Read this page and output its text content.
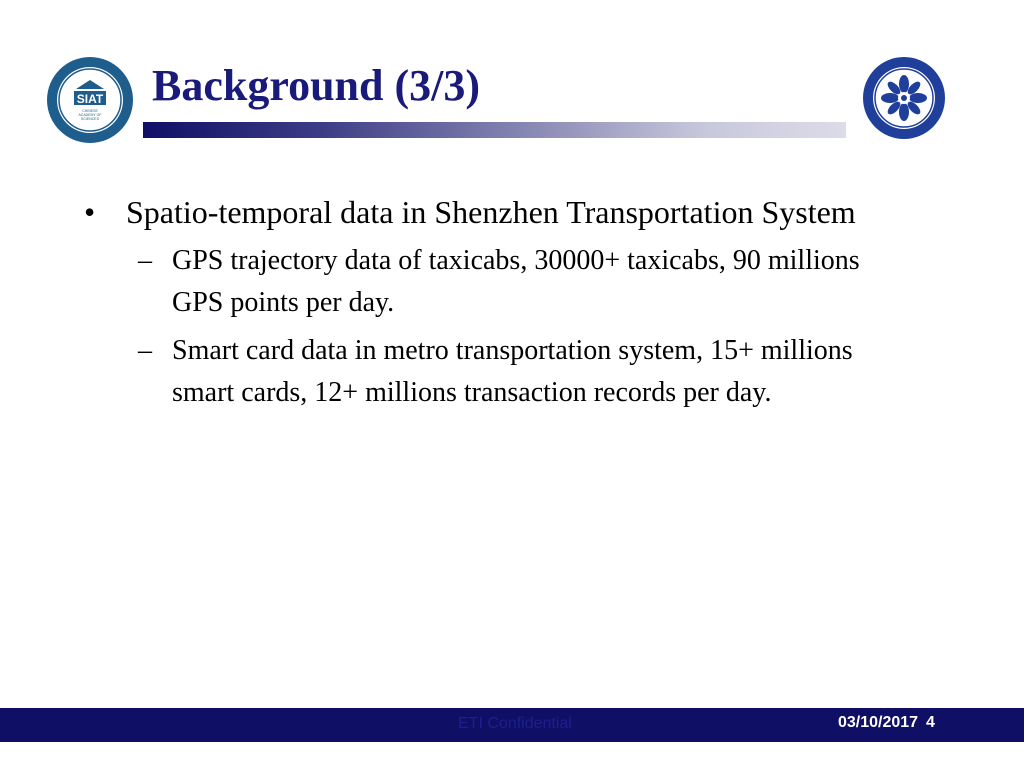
SIAT
CHINESE
ACADEMY OF
SCIENCES
Background (3/3)
• Spatio-temporal data in Shenzhen Transportation System
– GPS trajectory data of taxicabs, 30000+ taxicabs, 90 millions GPS points per day.
– Smart card data in metro transportation system, 15+ millions smart cards, 12+ millions transaction records per day.
ETI Confidential	03/10/2017 4
